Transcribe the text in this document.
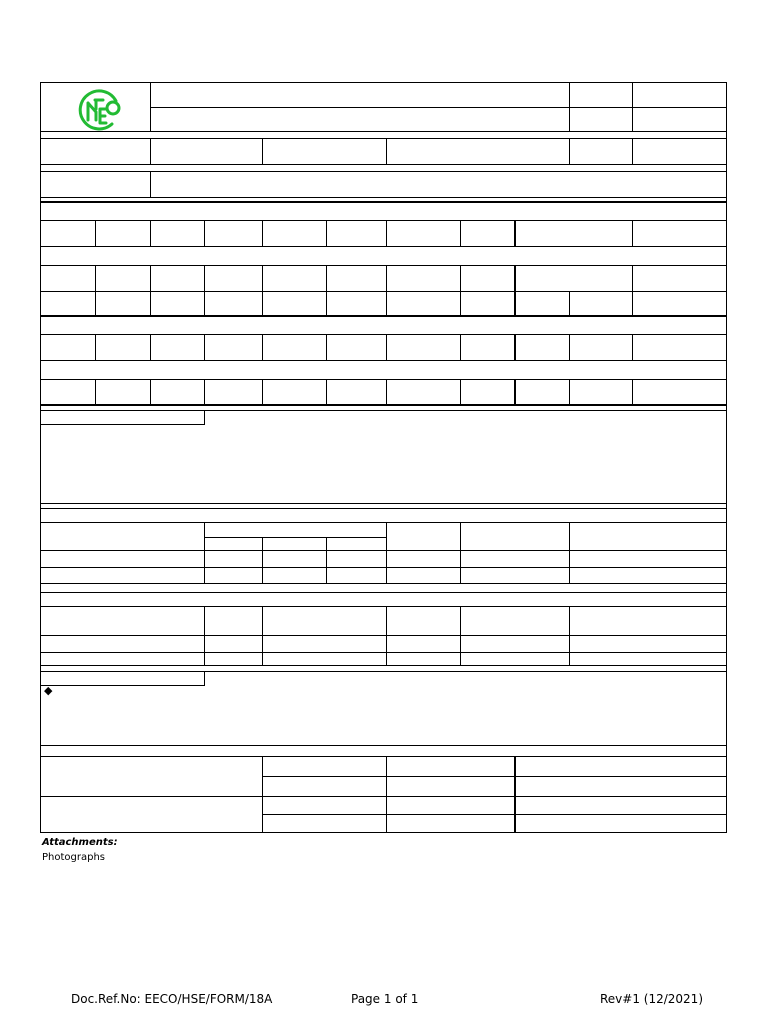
◆
Attachments:
Photographs
Doc.Ref.No: EECO/HSE/FORM/18A	Page 1 of 1	Rev#1 (12/2021)
